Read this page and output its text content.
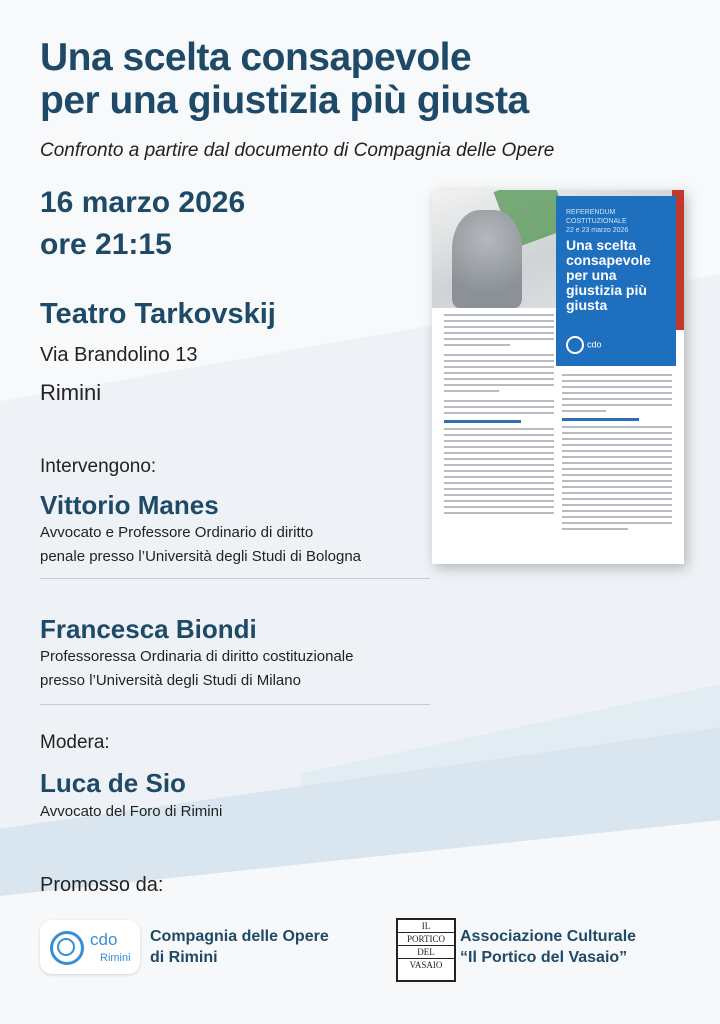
Una scelta consapevole
per una giustizia più giusta
Confronto a partire dal documento di Compagnia delle Opere
16 marzo 2026
ore 21:15
Teatro Tarkovskij
Via Brandolino 13
Rimini
Intervengono:
Vittorio Manes
Avvocato e Professore Ordinario di diritto
penale presso l’Università degli Studi di Bologna
Francesca Biondi
Professoressa Ordinaria di diritto costituzionale
presso l’Università degli Studi di Milano
Modera:
Luca de Sio
Avvocato del Foro di Rimini
REFERENDUM
COSTITUZIONALE
22 e 23 marzo 2026
Una scelta consapevole per una giustizia più giusta
cdo
Promosso da:
cdo
Rimini
Compagnia delle Opere
di Rimini
IL
PORTICO
DEL
VASAIO
Associazione Culturale
“Il Portico del Vasaio”
